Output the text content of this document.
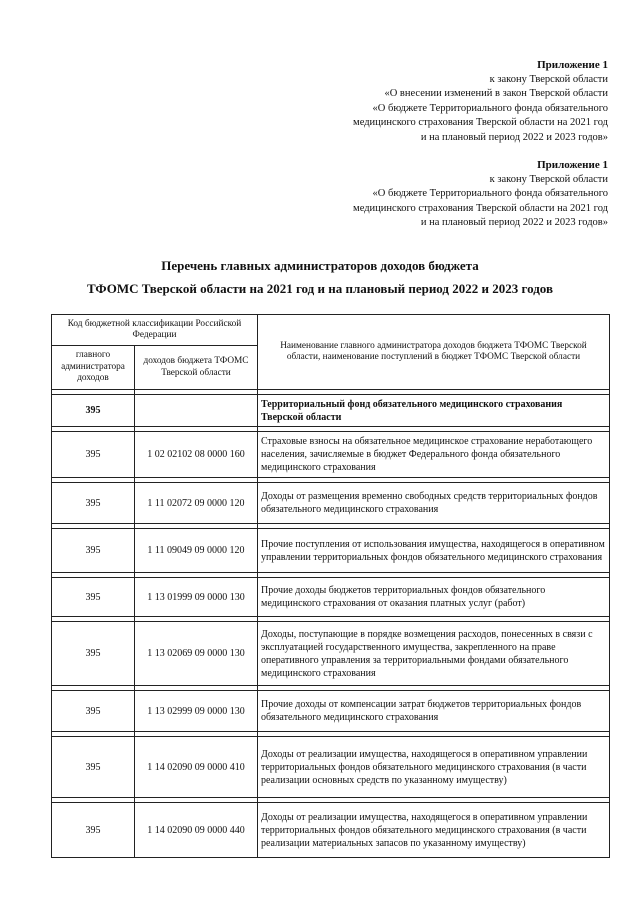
Приложение 1
к закону Тверской области
«О внесении изменений в закон Тверской области
«О бюджете Территориального фонда обязательного
медицинского страхования Тверской области на 2021 год
и на плановый период 2022 и 2023 годов»
Приложение 1
к закону Тверской области
«О бюджете Территориального фонда обязательного
медицинского страхования Тверской области на 2021 год
и на плановый период 2022 и 2023 годов»
Перечень главных администраторов доходов бюджета
ТФОМС Тверской области на 2021 год и на плановый период 2022 и 2023 годов
Код бюджетной классификации Российской Федерации		Наименование главного администратора доходов бюджета ТФОМС Тверской области, наименование поступлений в бюджет ТФОМС Тверской области
главного администратора доходов	доходов бюджета ТФОМС Тверской области	

395		Территориальный фонд обязательного медицинского страхования Тверской области

395	1 02 02102 08 0000 160	Страховые взносы на обязательное медицинское страхование неработающего населения, зачисляемые в бюджет Федерального фонда обязательного медицинского страхования

395	1 11 02072 09 0000 120	Доходы от размещения временно свободных средств территориальных фондов обязательного медицинского страхования

395	1 11 09049 09 0000 120	Прочие поступления от использования имущества, находящегося в оперативном управлении территориальных фондов обязательного медицинского страхования

395	1 13 01999 09 0000 130	Прочие доходы бюджетов территориальных фондов обязательного медицинского страхования от оказания платных услуг (работ)

395	1 13 02069 09 0000 130	Доходы, поступающие в порядке возмещения расходов, понесенных в связи с эксплуатацией государственного имущества, закрепленного на праве оперативного управления за территориальными фондами обязательного медицинского страхования

395	1 13 02999 09 0000 130	Прочие доходы от компенсации затрат бюджетов территориальных фондов обязательного медицинского страхования

395	1 14 02090 09 0000 410	Доходы от реализации имущества, находящегося в оперативном управлении территориальных фондов обязательного медицинского страхования (в части реализации основных средств по указанному имуществу)

395	1 14 02090 09 0000 440	Доходы от реализации имущества, находящегося в оперативном управлении территориальных фондов обязательного медицинского страхования (в части реализации материальных запасов по указанному имуществу)
